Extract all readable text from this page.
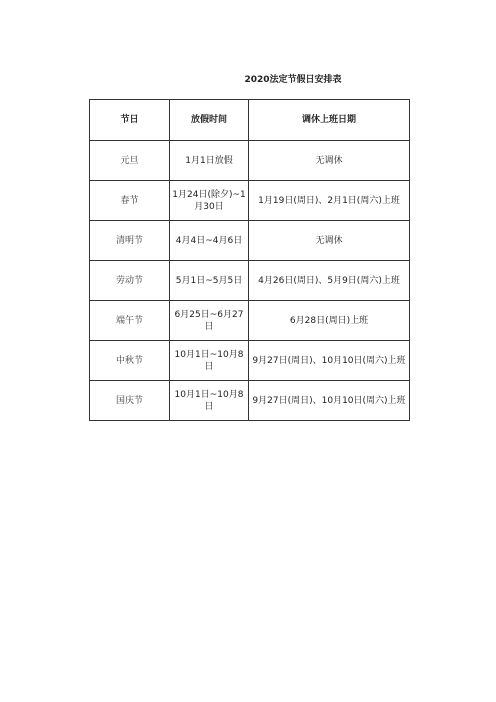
2020法定节假日安排表
节日	放假时间	调休上班日期
元旦	1月1日放假	无调休
春节	1月24日(除夕)~1月30日	1月19日(周日)、2月1日(周六)上班
清明节	4月4日~4月6日	无调休
劳动节	5月1日~5月5日	4月26日(周日)、5月9日(周六)上班
端午节	6月25日~6月27日	6月28日(周日)上班
中秋节	10月1日~10月8日	9月27日(周日)、10月10日(周六)上班
国庆节	10月1日~10月8日	9月27日(周日)、10月10日(周六)上班
